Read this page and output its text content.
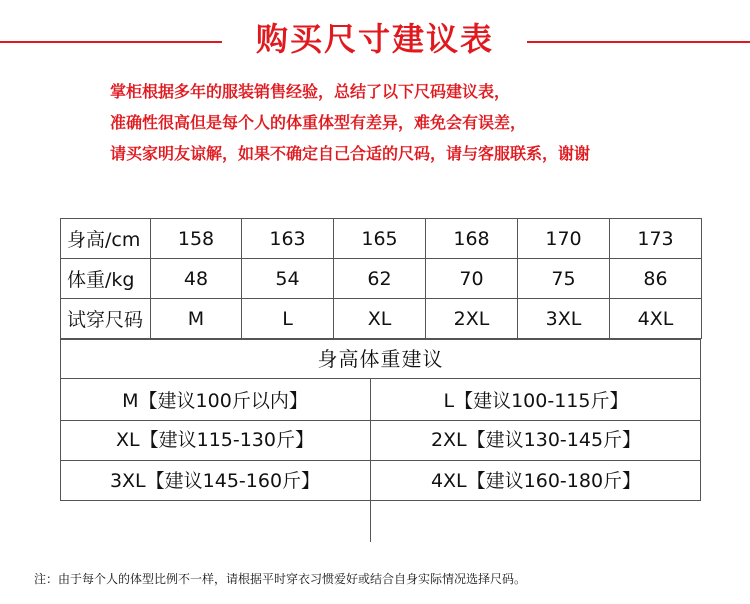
购买尺寸建议表
掌柜根据多年的服装销售经验，总结了以下尺码建议表，
准确性很高但是每个人的体重体型有差异，难免会有误差，
请买家明友谅解，如果不确定自己合适的尺码，请与客服联系，谢谢
身高/cm	158	163	165	168	170	173
体重/kg	48	54	62	70	75	86
试穿尺码	M	L	XL	2XL	3XL	4XL
身高体重建议
M【建议100斤以内】	L【建议100-115斤】
XL【建议115-130斤】	2XL【建议130-145斤】
3XL【建议145-160斤】	4XL【建议160-180斤】
注：由于每个人的体型比例不一样，请根据平时穿衣习惯爱好或结合自身实际情况选择尺码。
